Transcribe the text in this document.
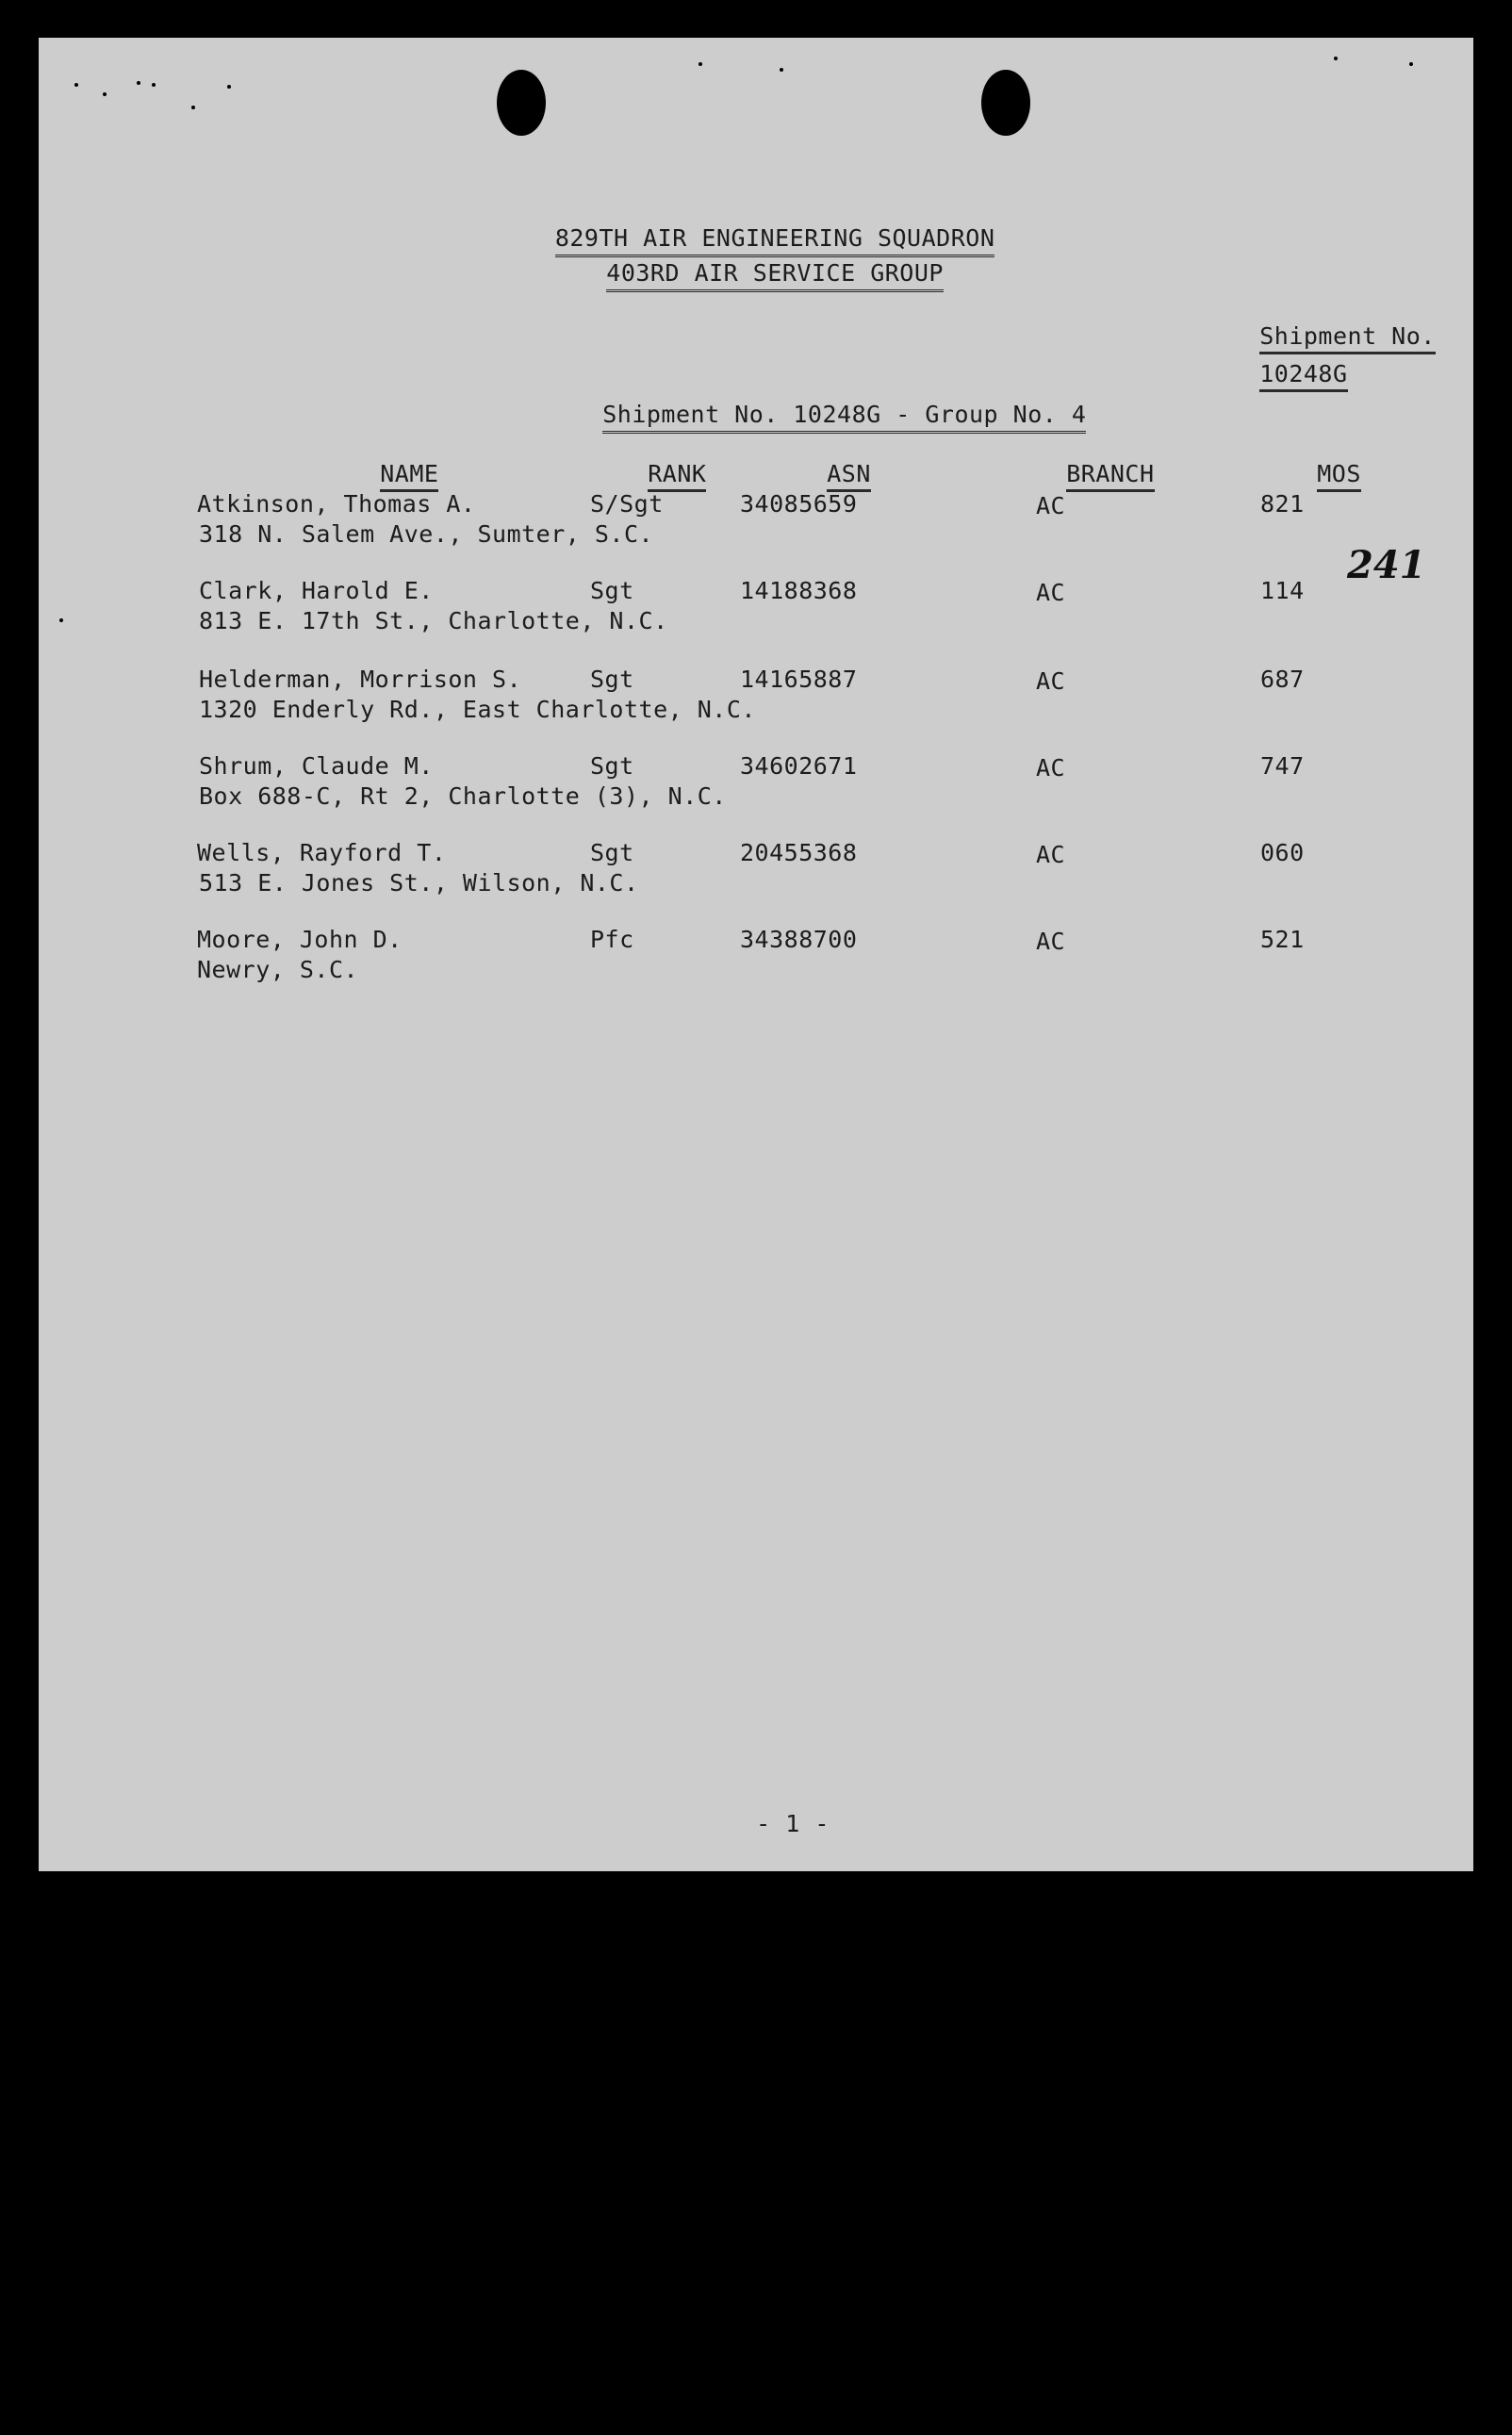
829TH AIR ENGINEERING SQUADRON

403RD AIR SERVICE GROUP

Shipment No.

10248G

Shipment No. 10248G - Group No. 4

NAME
	RANK
	ASN
	BRANCH
	MOS

Atkinson, Thomas A.
318 N. Salem Ave., Sumter, S.C.
S/Sgt	34085659	AC	821
Clark, Harold E.
813 E. 17th St., Charlotte, N.C.
Sgt	14188368	AC	114
Helderman, Morrison S.
1320 Enderly Rd., East Charlotte, N.C.
Sgt	14165887	AC	687
Shrum, Claude M.
Box 688-C, Rt 2, Charlotte (3), N.C.
Sgt	34602671	AC	747
Wells, Rayford T.
513 E. Jones St., Wilson, N.C.
Sgt	20455368	AC	060
Moore, John D.
Newry, S.C.
Pfc	34388700	AC	521
241
- 1 -
